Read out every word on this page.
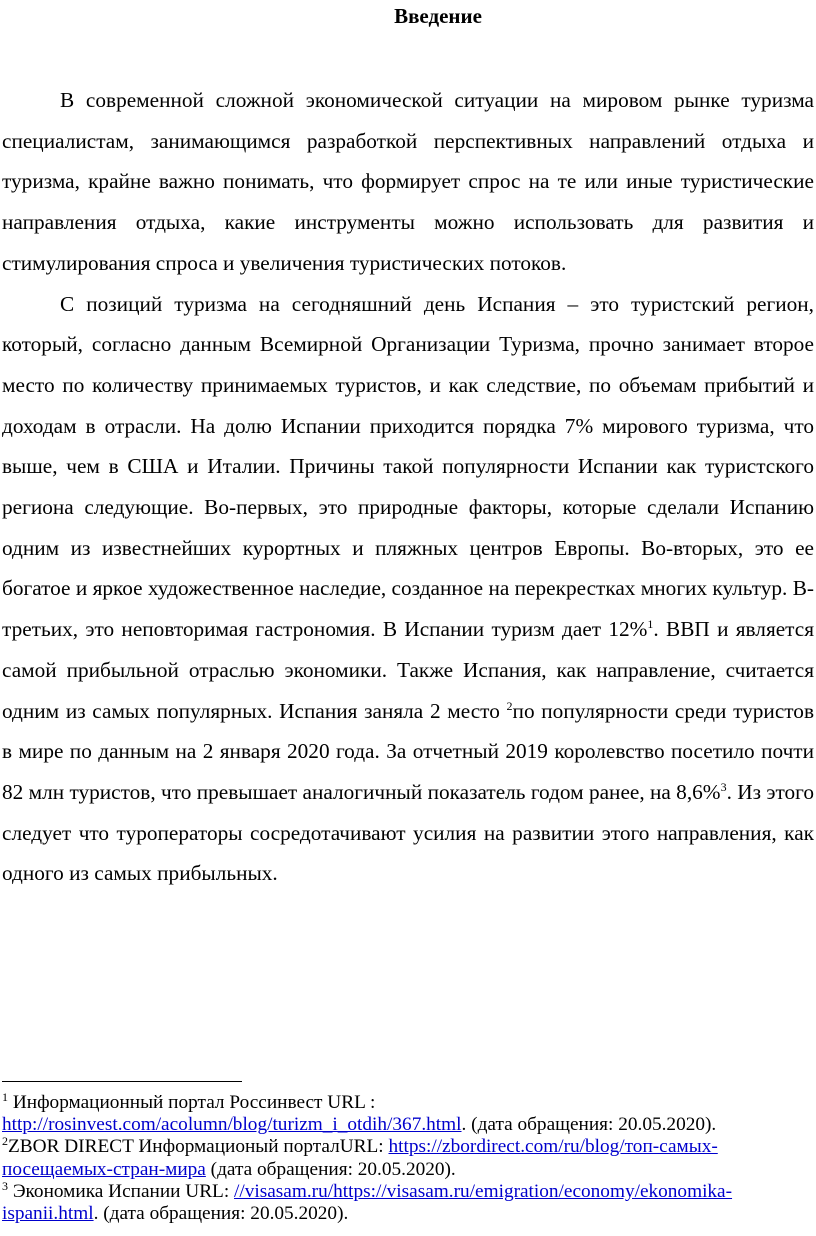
Введение

В современной сложной экономической ситуации на мировом рынке туризма специалистам, занимающимся разработкой перспективных направлений отдыха и туризма, крайне важно понимать, что формирует спрос на те или иные туристические направления отдыха, какие инструменты можно использовать для развития и стимулирования спроса и увеличения туристических потоков.

С позиций туризма на сегодняшний день Испания – это туристский регион, который, согласно данным Всемирной Организации Туризма, прочно занимает второе место по количеству принимаемых туристов, и как следствие, по объемам прибытий и доходам в отрасли. На долю Испании приходится порядка 7% мирового туризма, что выше, чем в США и Италии. Причины такой популярности Испании как туристского региона следующие. Во-первых, это природные факторы, которые сделали Испанию одним из известнейших курортных и пляжных центров Европы. Во-вторых, это ее богатое и яркое художественное наследие, созданное на перекрестках многих культур. В-третьих, это неповторимая гастрономия. В Испании туризм дает 12%$^1$. ВВП и является самой прибыльной отраслью экономики. Также Испания, как направление, считается одним из самых популярных. Испания заняла 2 место $^2$по популярности среди туристов в мире по данным на 2 января 2020 года. За отчетный 2019 королевство посетило почти 82 млн туристов, что превышает аналогичный показатель годом ранее, на 8,6%$^3$. Из этого следует что туроператоры сосредотачивают усилия на развитии этого направления, как одного из самых прибыльных.

$^1$ Информационный портал Россинвест URL : http://rosinvest.com/acolumn/blog/turizm_i_otdih/367.html. (дата обращения: 20.05.2020).
$^2$ZBOR DIRECT Информационый порталURL: https://zbordirect.com/ru/blog/топ-самых-посещаемых-стран-мира (дата обращения: 20.05.2020).
$^3$ Экономика Испании URL: //visasam.ru/https://visasam.ru/emigration/economy/ekonomika-ispanii.html. (дата обращения: 20.05.2020).
